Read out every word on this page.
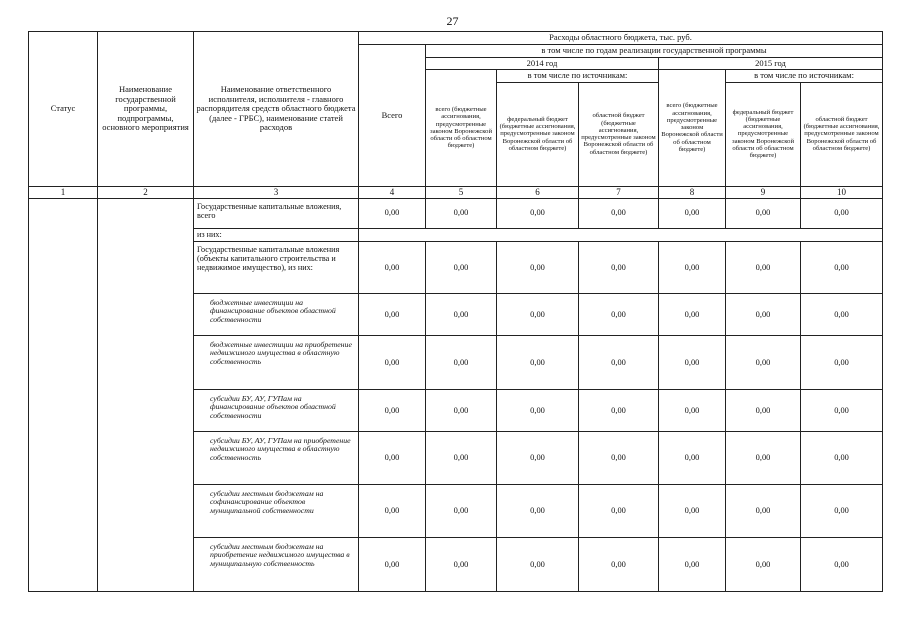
27
Статус	Наименование государственной программы, подпрограммы, основного мероприятия	Наименование ответственного исполнителя, исполнителя - главного распорядителя средств областного бюджета (далее - ГРБС), наименование статей расходов	Расходы областного бюджета, тыс. руб.						
			Всего	в том числе по годам реализации государственной программы					
				2014 год			2015 год		
				всего (бюджетные ассигнования, предусмотренные законом Воронежской области об областном бюджете)	в том числе по источникам:		всего (бюджетные ассигнования, предусмотренные законом Воронежской области об областном бюджете)	в том числе по источникам:	
					федеральный бюджет (бюджетные ассигнования, предусмотренные законом Воронежской области об областном бюджете)	областной бюджет (бюджетные ассигнования, предусмотренные законом Воронежской области об областном бюджете)		федеральный бюджет (бюджетные ассигнования, предусмотренные законом Воронежской области об областном бюджете)	областной бюджет (бюджетные ассигнования, предусмотренные законом Воронежской области об областном бюджете)
1	2	3	4	5	6	7	8	9	10
		Государственные капитальные вложения, всего	0,00	0,00	0,00	0,00	0,00	0,00	0,00
		из них:							
		Государственные капитальные вложения (объекты капитального строительства и недвижимое имущество), из них:	0,00	0,00	0,00	0,00	0,00	0,00	0,00
		бюджетные инвестиции на финансирование объектов областной собственности	0,00	0,00	0,00	0,00	0,00	0,00	0,00
		бюджетные инвестиции на приобретение недвижимого имущества в областную собственность	0,00	0,00	0,00	0,00	0,00	0,00	0,00
		субсидии БУ, АУ, ГУПам на финансирование объектов областной собственности	0,00	0,00	0,00	0,00	0,00	0,00	0,00
		субсидии БУ, АУ, ГУПам на приобретение недвижимого имущества в областную собственность	0,00	0,00	0,00	0,00	0,00	0,00	0,00
		субсидии местным бюджетам на софинансирование объектов муниципальной собственности	0,00	0,00	0,00	0,00	0,00	0,00	0,00
		субсидии местным бюджетам на приобретение недвижимого имущества в муниципальную собственность	0,00	0,00	0,00	0,00	0,00	0,00	0,00
